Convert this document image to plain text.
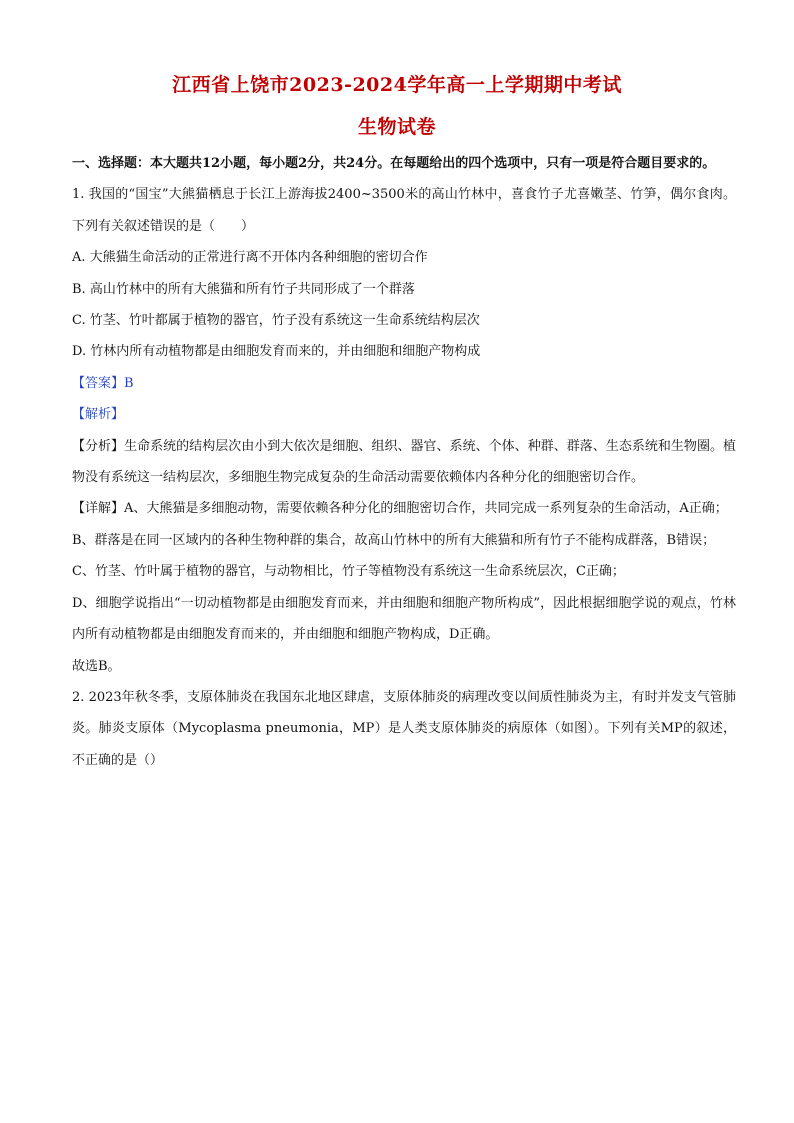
江西省上饶市2023-2024学年高一上学期期中考试
生物试卷

一、选择题：本大题共12小题，每小题2分，共24分。在每题给出的四个选项中，只有一项是符合题目要求的。

1. 我国的“国宝”大熊猫栖息于长江上游海拔2400~3500米的高山竹林中，喜食竹子尤喜嫩茎、竹笋，偶尔食肉。下列有关叙述错误的是（　　）

A. 大熊猫生命活动的正常进行离不开体内各种细胞的密切合作

B. 高山竹林中的所有大熊猫和所有竹子共同形成了一个群落

C. 竹茎、竹叶都属于植物的器官，竹子没有系统这一生命系统结构层次

D. 竹林内所有动植物都是由细胞发育而来的，并由细胞和细胞产物构成

【答案】B

【解析】

【分析】生命系统的结构层次由小到大依次是细胞、组织、器官、系统、个体、种群、群落、生态系统和生物圈。植物没有系统这一结构层次，多细胞生物完成复杂的生命活动需要依赖体内各种分化的细胞密切合作。

【详解】A、大熊猫是多细胞动物，需要依赖各种分化的细胞密切合作，共同完成一系列复杂的生命活动，A正确；

B、群落是在同一区域内的各种生物种群的集合，故高山竹林中的所有大熊猫和所有竹子不能构成群落，B错误；

C、竹茎、竹叶属于植物的器官，与动物相比，竹子等植物没有系统这一生命系统层次，C正确；

D、细胞学说指出“一切动植物都是由细胞发育而来，并由细胞和细胞产物所构成”，因此根据细胞学说的观点，竹林内所有动植物都是由细胞发育而来的，并由细胞和细胞产物构成，D正确。

故选B。

2. 2023年秋冬季，支原体肺炎在我国东北地区肆虐，支原体肺炎的病理改变以间质性肺炎为主，有时并发支气管肺炎。肺炎支原体（Mycoplasma pneumonia，MP）是人类支原体肺炎的病原体（如图）。下列有关MP的叙述，不正确的是（）
